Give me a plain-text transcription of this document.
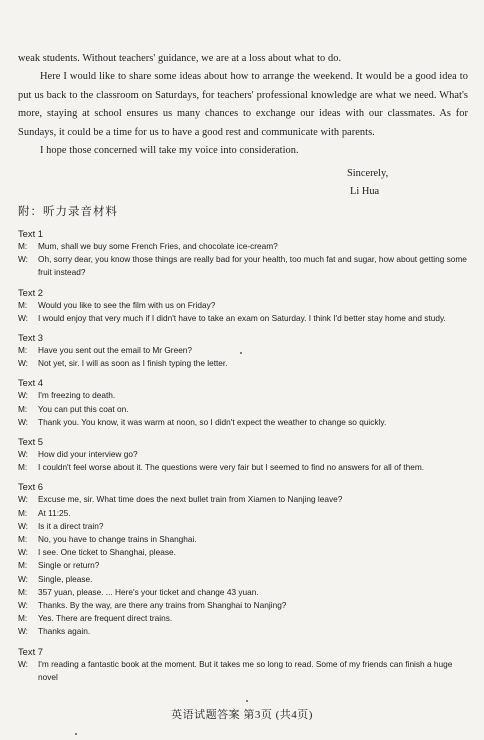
weak students. Without teachers' guidance, we are at a loss about what to do.

Here I would like to share some ideas about how to arrange the weekend. It would be a good idea to put us back to the classroom on Saturdays, for teachers' professional knowledge are what we need. What's more, staying at school ensures us many chances to exchange our ideas with our classmates. As for Sundays, it could be a time for us to have a good rest and communicate with parents.

I hope those concerned will take my voice into consideration.

Sincerely,
Li Hua
附：听力录音材料
Text 1
M:	Mum, shall we buy some French Fries, and chocolate ice-cream?
W:	Oh, sorry dear, you know those things are really bad for your health, too much fat and sugar, how about getting some
fruit instead?
Text 2
M:	Would you like to see the film with us on Friday?
W:	I would enjoy that very much if I didn't have to take an exam on Saturday. I think I'd better stay home and study.
Text 3
M:	Have you sent out the email to Mr Green?
W:	Not yet, sir. I will as soon as I finish typing the letter.
Text 4
W:	I'm freezing to death.
M:	You can put this coat on.
W:	Thank you. You know, it was warm at noon, so I didn't expect the weather to change so quickly.
Text 5
W:	How did your interview go?
M:	I couldn't feel worse about it. The questions were very fair but I seemed to find no answers for all of them.
Text 6
W:	Excuse me, sir. What time does the next bullet train from Xiamen to Nanjing leave?
M:	At 11:25.
W:	Is it a direct train?
M:	No, you have to change trains in Shanghai.
W:	I see. One ticket to Shanghai, please.
M:	Single or return?
W:	Single, please.
M:	357 yuan, please. ... Here's your ticket and change 43 yuan.
W:	Thanks. By the way, are there any trains from Shanghai to Nanjing?
M:	Yes. There are frequent direct trains.
W:	Thanks again.
Text 7
W:	I'm reading a fantastic book at the moment. But it takes me so long to read. Some of my friends can finish a huge novel
英语试题答案 第3页 (共4页)
